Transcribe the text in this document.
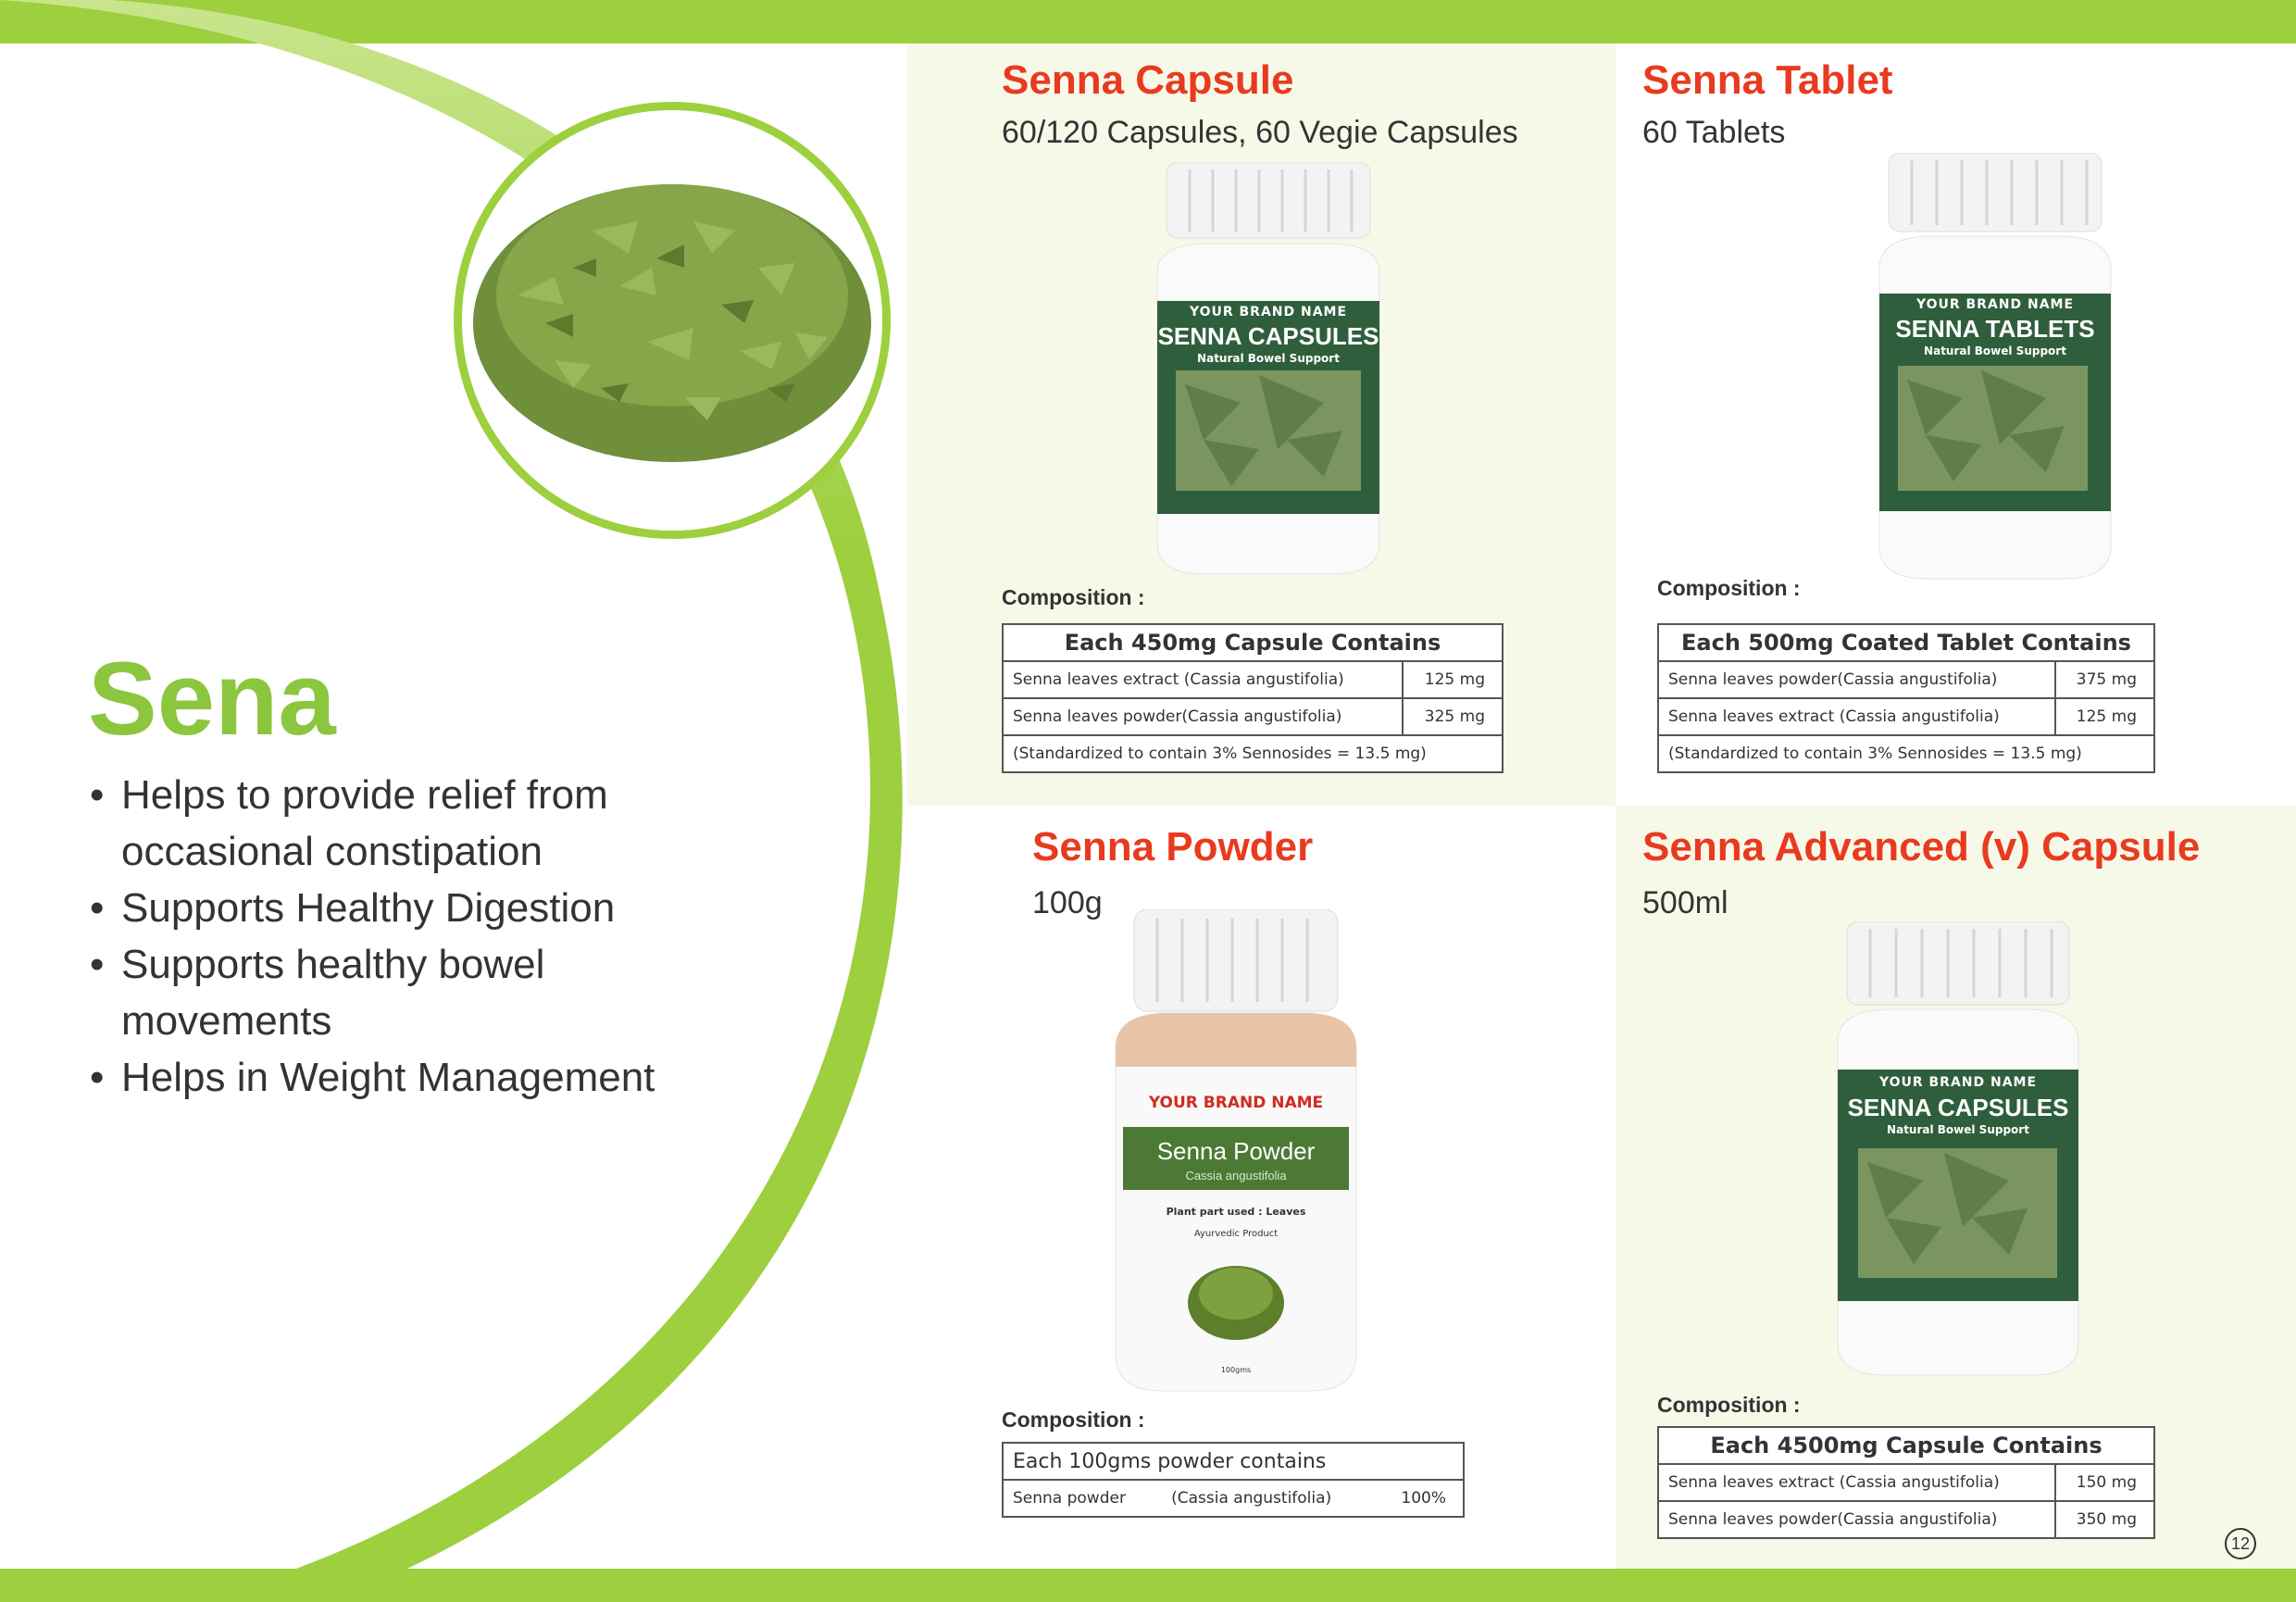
Sena
• Helps to provide relief from occasional constipation
• Supports Healthy Digestion
• Supports healthy bowel movements
• Helps in Weight Management
Senna Capsule
60/120 Capsules, 60 Vegie Capsules
YOUR BRAND NAME
SENNA CAPSULES
Natural Bowel Support
Composition :
Each 450mg Capsule Contains	
Senna leaves extract (Cassia angustifolia)	125 mg
Senna leaves powder(Cassia angustifolia)	325 mg
(Standardized to contain 3% Sennosides = 13.5 mg)	
Senna Tablet
60 Tablets
YOUR BRAND NAME
SENNA TABLETS
Natural Bowel Support
Composition :
Each 500mg Coated Tablet Contains	
Senna leaves powder(Cassia angustifolia)	375 mg
Senna leaves extract (Cassia angustifolia)	125 mg
(Standardized to contain 3% Sennosides = 13.5 mg)	
Senna Powder
100g
YOUR BRAND NAME
Senna Powder
Cassia angustifolia
Plant part used : Leaves
Ayurvedic Product
100gms
Composition :
Each 100gms powder contains
Senna powder	(Cassia angustifolia)	100%
Senna Advanced (v) Capsule
500ml
YOUR BRAND NAME
SENNA CAPSULES
Natural Bowel Support
Composition :
Each 4500mg Capsule Contains	
Senna leaves extract (Cassia angustifolia)	150 mg
Senna leaves powder(Cassia angustifolia)	350 mg
12
